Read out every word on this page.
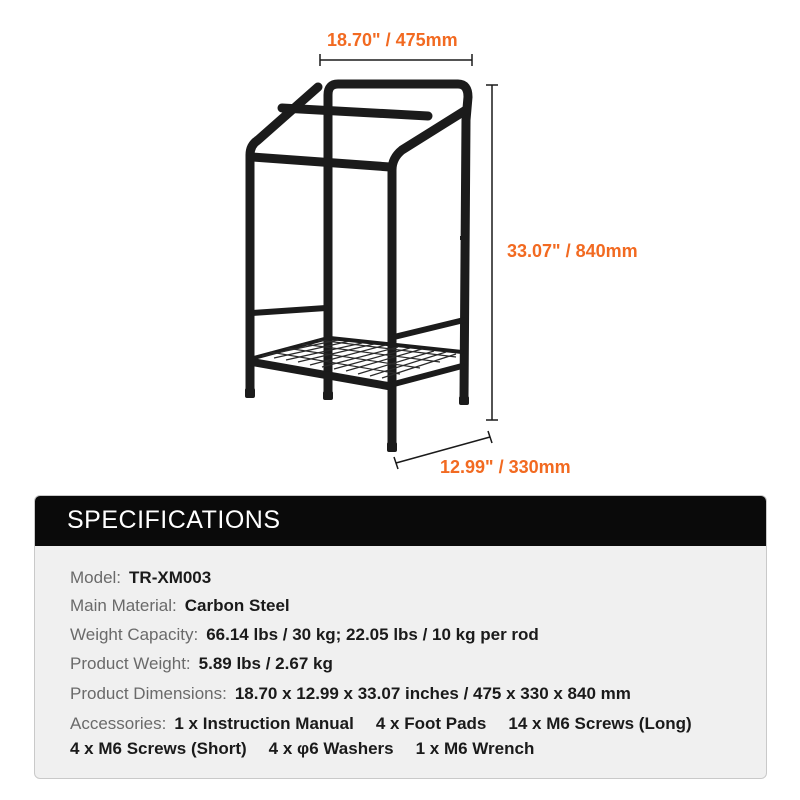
18.70" / 475mm
33.07" / 840mm
12.99" / 330mm
SPECIFICATIONS
Model: TR-XM003
Main Material: Carbon Steel
Weight Capacity: 66.14 lbs / 30 kg; 22.05 lbs / 10 kg per rod
Product Weight: 5.89 lbs / 2.67 kg
Product Dimensions: 18.70 x 12.99 x 33.07 inches / 475 x 330 x 840 mm
Accessories: 1 x Instruction Manual 4 x Foot Pads 14 x M6 Screws (Long)
4 x M6 Screws (Short) 4 x φ6 Washers 1 x M6 Wrench
